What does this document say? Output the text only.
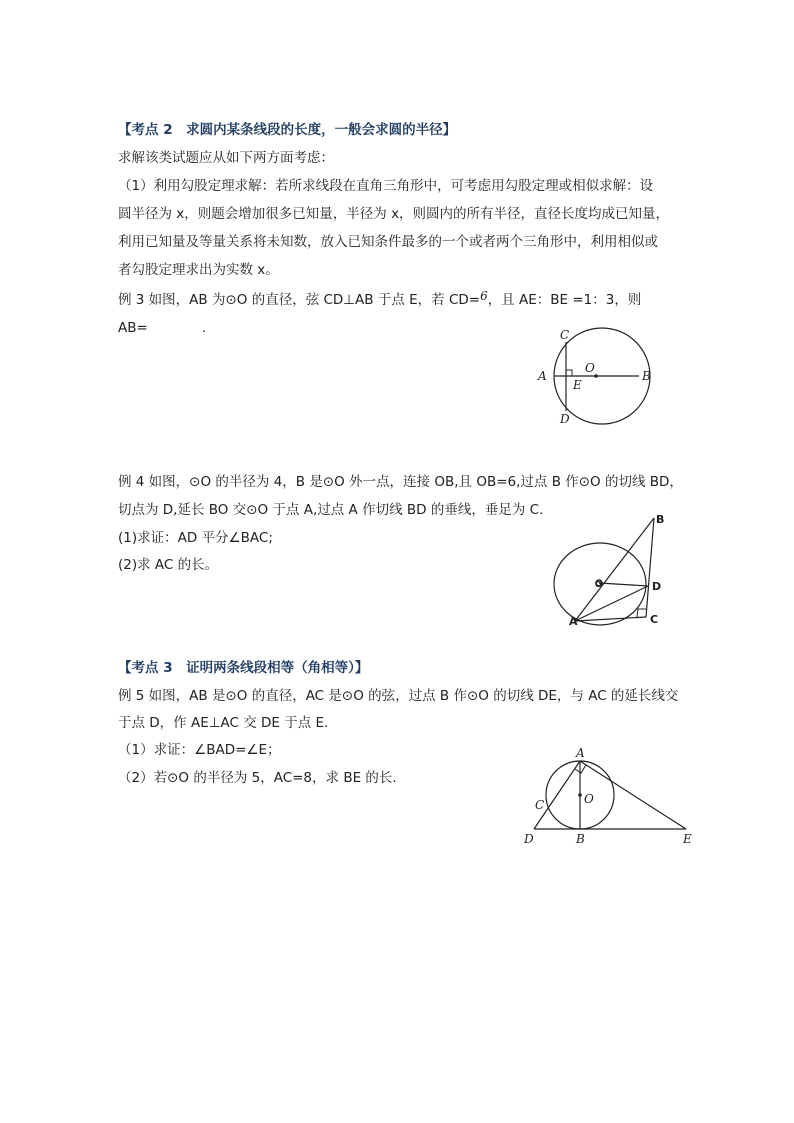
【考点 2　求圆内某条线段的长度，一般会求圆的半径】
求解该类试题应从如下两方面考虑：
（1）利用勾股定理求解：若所求线段在直角三角形中，可考虑用勾股定理或相似求解：设
圆半径为 x，则题会增加很多已知量，半径为 x，则圆内的所有半径，直径长度均成已知量，
利用已知量及等量关系将未知数，放入已知条件最多的一个或者两个三角形中，利用相似或
者勾股定理求出为实数 x。
例 3 如图，AB 为⊙O 的直径，弦 CD⊥AB 于点 E，若 CD=6，且 AE：BE =1：3，则
AB=　　　　.
A	B
C
D
E
O
例 4 如图，⊙O 的半径为 4，B 是⊙O 外一点，连接 OB,且 OB=6,过点 B 作⊙O 的切线 BD，
切点为 D,延长 BO 交⊙O 于点 A,过点 A 作切线 BD 的垂线，垂足为 C.
(1)求证：AD 平分∠BAC;
(2)求 AC 的长。
B
D
C
A
O
【考点 3　证明两条线段相等（角相等）】
例 5 如图，AB 是⊙O 的直径，AC 是⊙O 的弦，过点 B 作⊙O 的切线 DE，与 AC 的延长线交
于点 D，作 AE⊥AC 交 DE 于点 E.
（1）求证：∠BAD=∠E；
（2）若⊙O 的半径为 5，AC=8，求 BE 的长.
A
O
C
D	B	E
